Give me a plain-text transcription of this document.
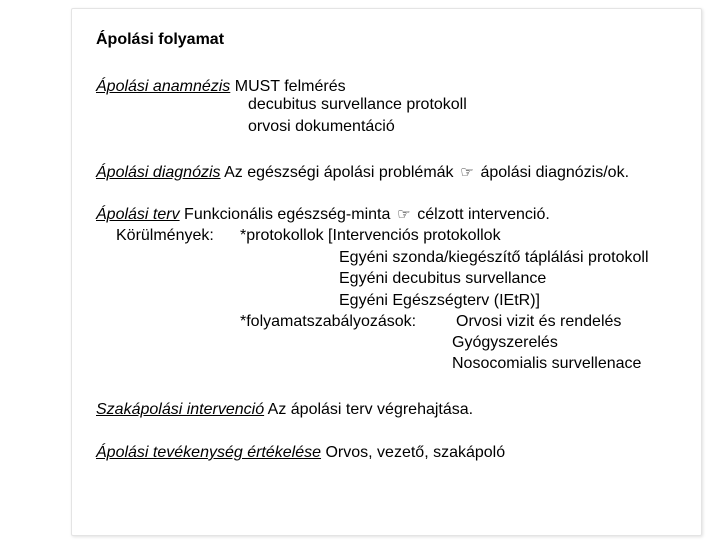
Ápolási folyamat
Ápolási anamnézis MUST felmérés
decubitus survellance protokoll
orvosi dokumentáció
Ápolási diagnózis Az egészségi ápolási problémák ☞ ápolási diagnózis/ok.
Ápolási terv Funkcionális egészség-minta ☞ célzott intervenció.
Körülmények: *protokollok [Intervenciós protokollok
Egyéni szonda/kiegészítő táplálási protokoll
Egyéni decubitus survellance
Egyéni Egészségterv (IEtR)]
*folyamatszabályozások: Orvosi vizit és rendelés
Gyógyszerelés
Nosocomialis survellenace
Szakápolási intervenció Az ápolási terv végrehajtása.
Ápolási tevékenység értékelése Orvos, vezető, szakápoló
